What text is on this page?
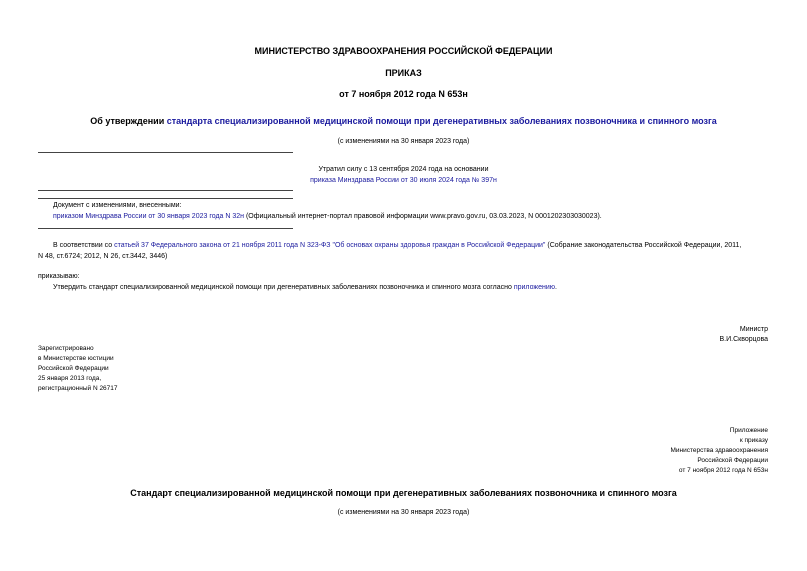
МИНИСТЕРСТВО ЗДРАВООХРАНЕНИЯ РОССИЙСКОЙ ФЕДЕРАЦИИ
ПРИКАЗ
от 7 ноября 2012 года N 653н
Об утверждении стандарта специализированной медицинской помощи при дегенеративных заболеваниях позвоночника и спинного мозга
(с изменениями на 30 января 2023 года)
Утратил силу с 13 сентября 2024 года на основании
приказа Минздрава России от 30 июля 2024 года № 397н
Документ с изменениями, внесенными:
приказом Минздрава России от 30 января 2023 года N 32н (Официальный интернет-портал правовой информации www.pravo.gov.ru, 03.03.2023, N 0001202303030023).
В соответствии со статьей 37 Федерального закона от 21 ноября 2011 года N 323-ФЗ "Об основах охраны здоровья граждан в Российской Федерации" (Собрание законодательства Российской Федерации, 2011,
N 48, ст.6724; 2012, N 26, ст.3442, 3446)
приказываю:
Утвердить стандарт специализированной медицинской помощи при дегенеративных заболеваниях позвоночника и спинного мозга согласно приложению.
Министр
В.И.Скворцова
Зарегистрировано
в Министерстве юстиции
Российской Федерации
25 января 2013 года,
регистрационный N 26717
Приложение
к приказу
Министерства здравоохранения
Российской Федерации
от 7 ноября 2012 года N 653н
Стандарт специализированной медицинской помощи при дегенеративных заболеваниях позвоночника и спинного мозга
(с изменениями на 30 января 2023 года)
